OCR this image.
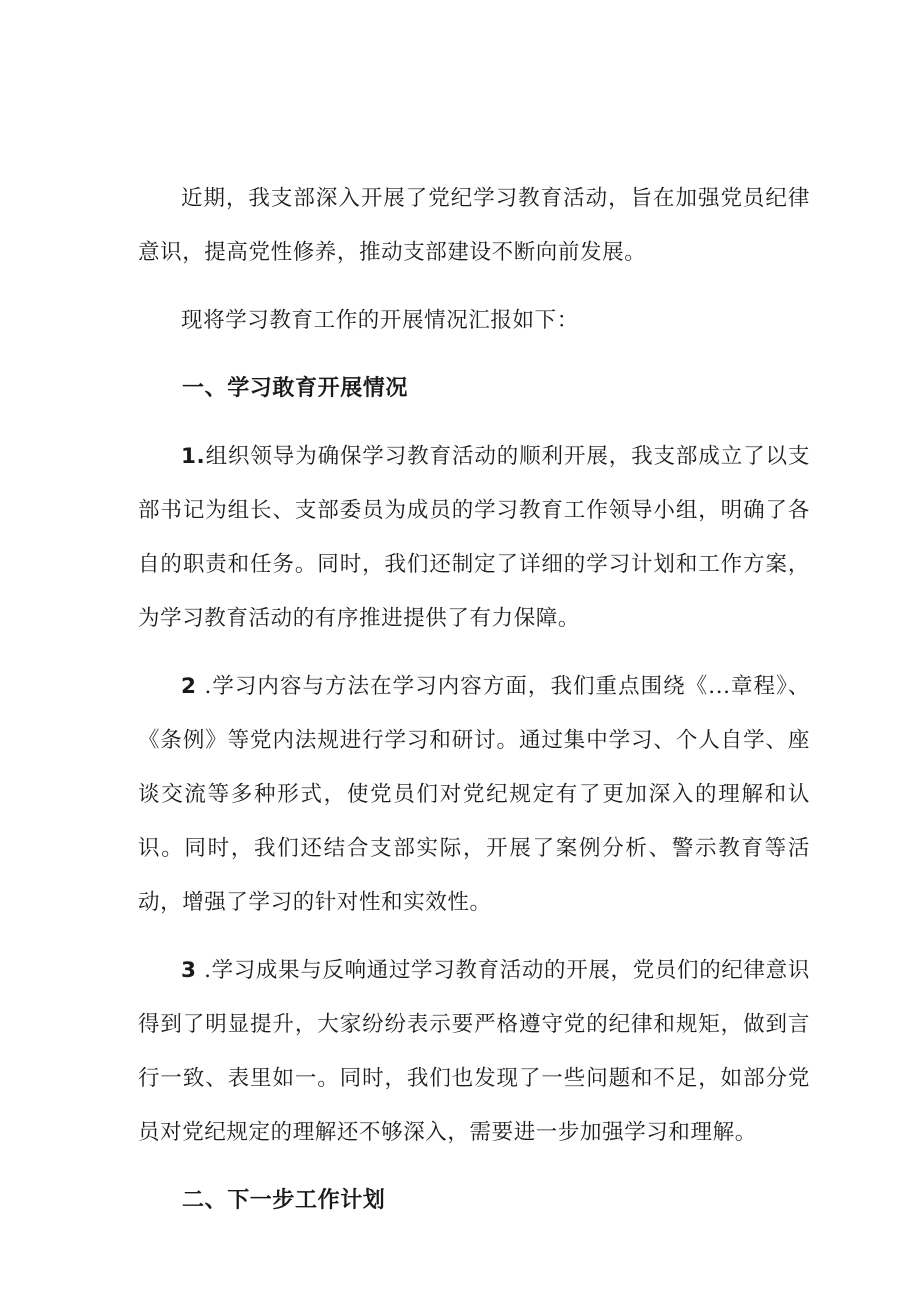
近期，我支部深入开展了党纪学习教育活动，旨在加强党员纪律意识，提高党性修养，推动支部建设不断向前发展。

现将学习教育工作的开展情况汇报如下：

一、学习敢育开展情况

1.组织领导为确保学习教育活动的顺利开展，我支部成立了以支部书记为组长、支部委员为成员的学习教育工作领导小组，明确了各自的职责和任务。同时，我们还制定了详细的学习计划和工作方案，为学习教育活动的有序推进提供了有力保障。

2 .学习内容与方法在学习内容方面，我们重点围绕《...章程》、《条例》等党内法规进行学习和研讨。通过集中学习、个人自学、座谈交流等多种形式，使党员们对党纪规定有了更加深入的理解和认识。同时，我们还结合支部实际，开展了案例分析、警示教育等活动，增强了学习的针对性和实效性。

3 .学习成果与反响通过学习教育活动的开展，党员们的纪律意识得到了明显提升，大家纷纷表示要严格遵守党的纪律和规矩，做到言行一致、表里如一。同时，我们也发现了一些问题和不足，如部分党员对党纪规定的理解还不够深入，需要进一步加强学习和理解。

二、下一步工作计划
